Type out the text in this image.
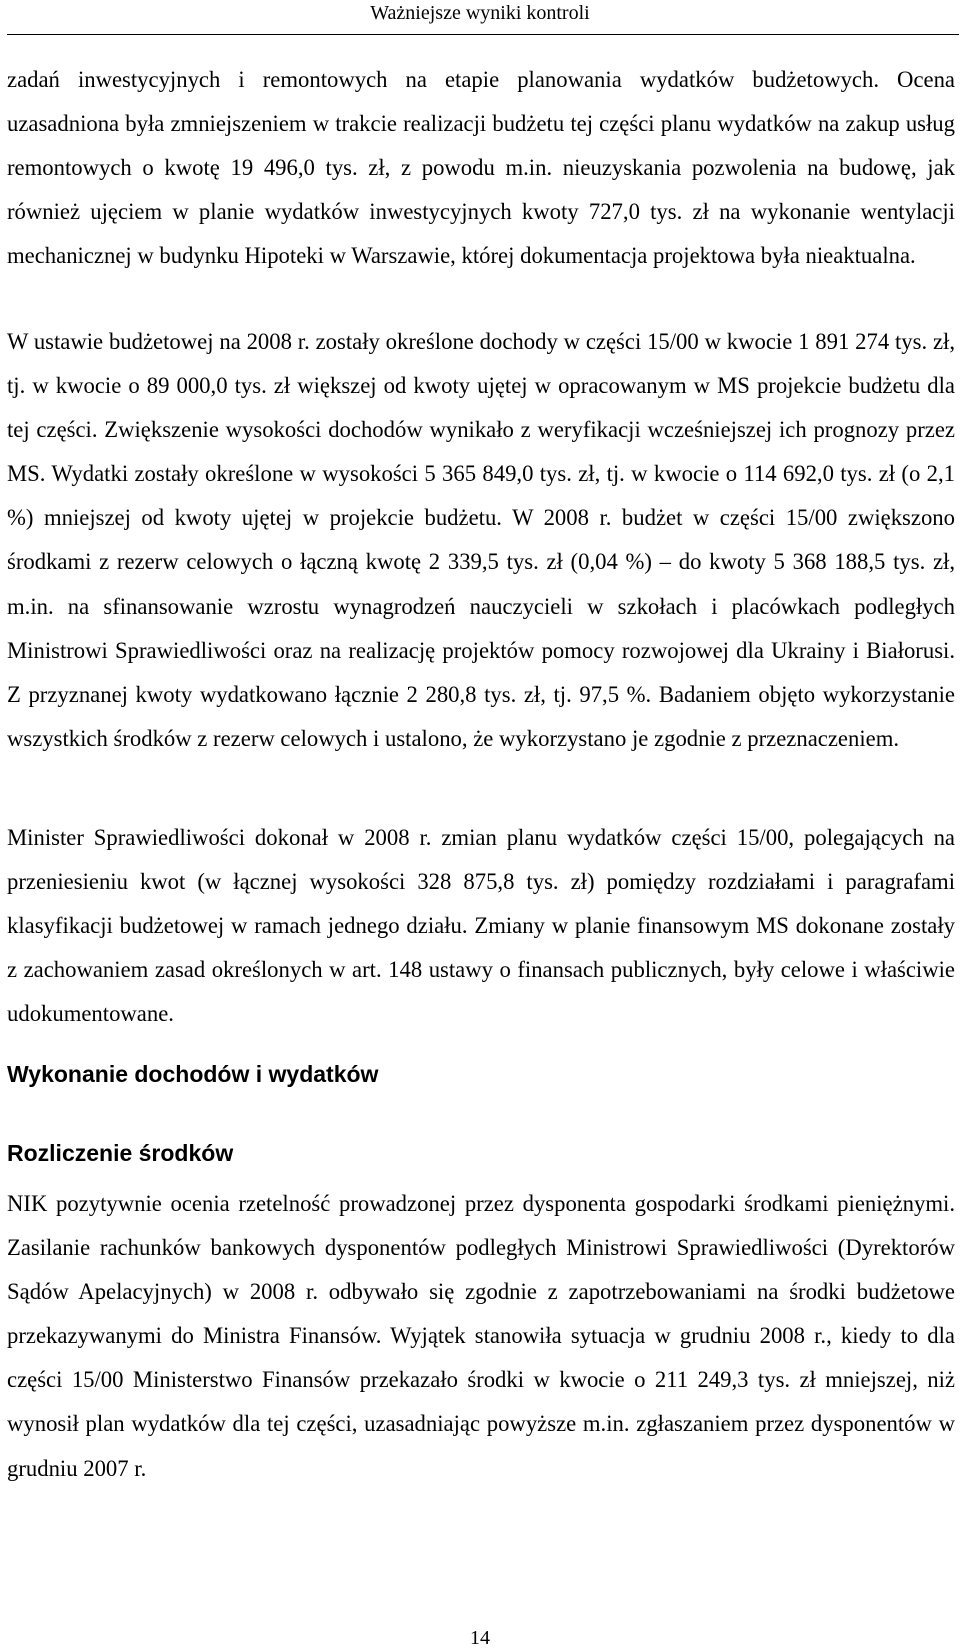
Ważniejsze wyniki kontroli

zadań inwestycyjnych i remontowych na etapie planowania wydatków budżetowych. Ocena uzasadniona była zmniejszeniem w trakcie realizacji budżetu tej części planu wydatków na zakup usług remontowych o kwotę 19 496,0 tys. zł, z powodu m.in. nieuzyskania pozwolenia na budowę, jak również ujęciem w planie wydatków inwestycyjnych kwoty 727,0 tys. zł na wykonanie wentylacji mechanicznej w budynku Hipoteki w Warszawie, której dokumentacja projektowa była nieaktualna.

W ustawie budżetowej na 2008 r. zostały określone dochody w części 15/00 w kwocie 1 891 274 tys. zł, tj. w kwocie o 89 000,0 tys. zł większej od kwoty ujętej w opracowanym w MS projekcie budżetu dla tej części. Zwiększenie wysokości dochodów wynikało z weryfikacji wcześniejszej ich prognozy przez MS. Wydatki zostały określone w wysokości 5 365 849,0 tys. zł, tj. w kwocie o 114 692,0 tys. zł (o 2,1 %) mniejszej od kwoty ujętej w projekcie budżetu. W 2008 r. budżet w części 15/00 zwiększono środkami z rezerw celowych o łączną kwotę 2 339,5 tys. zł (0,04 %) – do kwoty 5 368 188,5 tys. zł, m.in. na sfinansowanie wzrostu wynagrodzeń nauczycieli w szkołach i placówkach podległych Ministrowi Sprawiedliwości oraz na realizację projektów pomocy rozwojowej dla Ukrainy i Białorusi. Z przyznanej kwoty wydatkowano łącznie 2 280,8 tys. zł, tj. 97,5 %. Badaniem objęto wykorzystanie wszystkich środków z rezerw celowych i ustalono, że wykorzystano je zgodnie z przeznaczeniem.

Minister Sprawiedliwości dokonał w 2008 r. zmian planu wydatków części 15/00, polegających na przeniesieniu kwot (w łącznej wysokości 328 875,8 tys. zł) pomiędzy rozdziałami i paragrafami klasyfikacji budżetowej w ramach jednego działu. Zmiany w planie finansowym MS dokonane zostały z zachowaniem zasad określonych w art. 148 ustawy o finansach publicznych, były celowe i właściwie udokumentowane.

Wykonanie dochodów i wydatków
Rozliczenie środków

NIK pozytywnie ocenia rzetelność prowadzonej przez dysponenta gospodarki środkami pieniężnymi. Zasilanie rachunków bankowych dysponentów podległych Ministrowi Sprawiedliwości (Dyrektorów Sądów Apelacyjnych) w 2008 r. odbywało się zgodnie z zapotrzebowaniami na środki budżetowe przekazywanymi do Ministra Finansów. Wyjątek stanowiła sytuacja w grudniu 2008 r., kiedy to dla części 15/00 Ministerstwo Finansów przekazało środki w kwocie o 211 249,3 tys. zł mniejszej, niż wynosił plan wydatków dla tej części, uzasadniając powyższe m.in. zgłaszaniem przez dysponentów w grudniu 2007 r.

14
